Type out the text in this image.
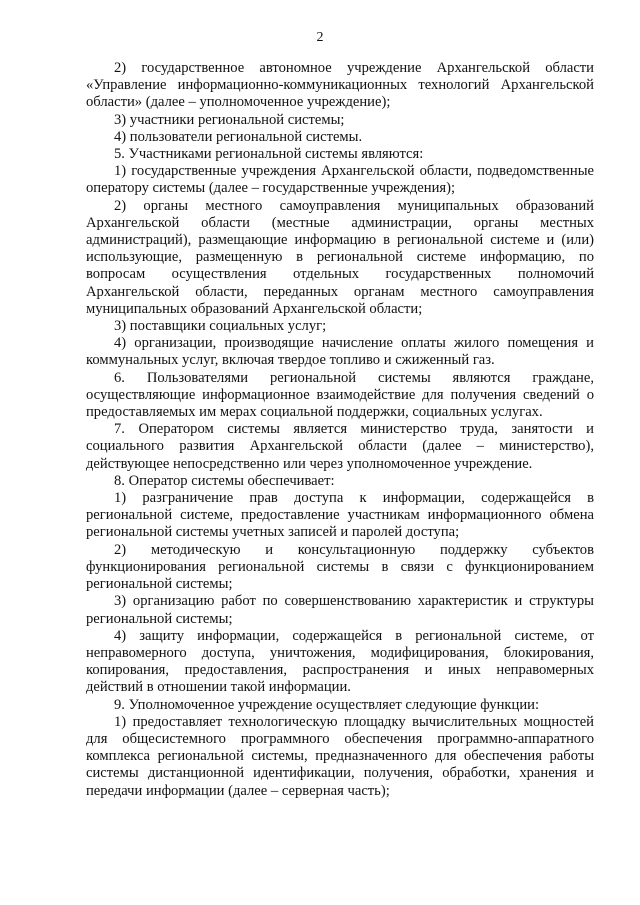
2

2) государственное автономное учреждение Архангельской области «Управление информационно-коммуникационных технологий Архангельской области» (далее – уполномоченное учреждение);

3) участники региональной системы;

4) пользователи региональной системы.

5. Участниками региональной системы являются:

1) государственные учреждения Архангельской области, подведомственные оператору системы (далее – государственные учреждения);

2) органы местного самоуправления муниципальных образований Архангельской области (местные администрации, органы местных администраций), размещающие информацию в региональной системе и (или) использующие, размещенную в региональной системе информацию, по вопросам осуществления отдельных государственных полномочий Архангельской области, переданных органам местного самоуправления муниципальных образований Архангельской области;

3) поставщики социальных услуг;

4) организации, производящие начисление оплаты жилого помещения и коммунальных услуг, включая твердое топливо и сжиженный газ.

6. Пользователями региональной системы являются граждане, осуществляющие информационное взаимодействие для получения сведений о предоставляемых им мерах социальной поддержки, социальных услугах.

7. Оператором системы является министерство труда, занятости и социального развития Архангельской области (далее – министерство), действующее непосредственно или через уполномоченное учреждение.

8. Оператор системы обеспечивает:

1) разграничение прав доступа к информации, содержащейся в региональной системе, предоставление участникам информационного обмена региональной системы учетных записей и паролей доступа;

2) методическую и консультационную поддержку субъектов функционирования региональной системы в связи с функционированием региональной системы;

3) организацию работ по совершенствованию характеристик и структуры региональной системы;

4) защиту информации, содержащейся в региональной системе, от неправомерного доступа, уничтожения, модифицирования, блокирования, копирования, предоставления, распространения и иных неправомерных действий в отношении такой информации.

9. Уполномоченное учреждение осуществляет следующие функции:

1) предоставляет технологическую площадку вычислительных мощностей для общесистемного программного обеспечения программно-аппаратного комплекса региональной системы, предназначенного для обеспечения работы системы дистанционной идентификации, получения, обработки, хранения и передачи информации (далее – серверная часть);
